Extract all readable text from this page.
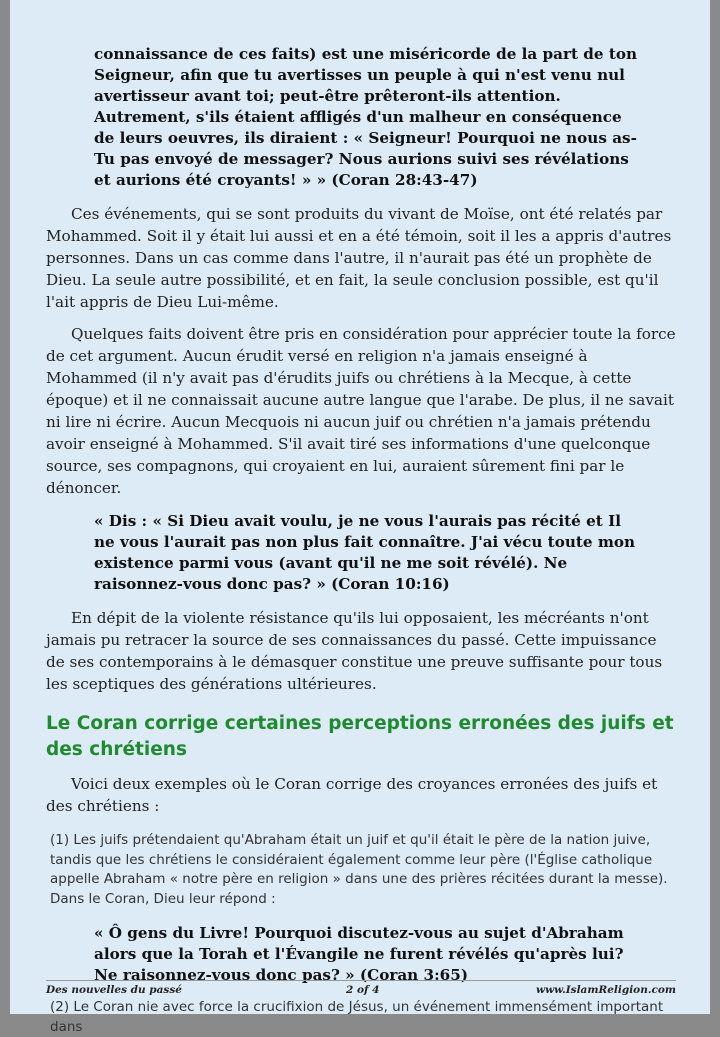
connaissance de ces faits) est une miséricorde de la part de ton Seigneur, afin que tu avertisses un peuple à qui n'est venu nul avertisseur avant toi; peut-être prêteront-ils attention. Autrement, s'ils étaient affligés d'un malheur en conséquence de leurs oeuvres, ils diraient : « Seigneur! Pourquoi ne nous as-Tu pas envoyé de messager? Nous aurions suivi ses révélations et aurions été croyants! » » (Coran 28:43-47)

Ces événements, qui se sont produits du vivant de Moïse, ont été relatés par Mohammed. Soit il y était lui aussi et en a été témoin, soit il les a appris d'autres personnes. Dans un cas comme dans l'autre, il n'aurait pas été un prophète de Dieu. La seule autre possibilité, et en fait, la seule conclusion possible, est qu'il l'ait appris de Dieu Lui-même.

Quelques faits doivent être pris en considération pour apprécier toute la force de cet argument. Aucun érudit versé en religion n'a jamais enseigné à Mohammed (il n'y avait pas d'érudits juifs ou chrétiens à la Mecque, à cette époque) et il ne connaissait aucune autre langue que l'arabe. De plus, il ne savait ni lire ni écrire. Aucun Mecquois ni aucun juif ou chrétien n'a jamais prétendu avoir enseigné à Mohammed. S'il avait tiré ses informations d'une quelconque source, ses compagnons, qui croyaient en lui, auraient sûrement fini par le dénoncer.

« Dis : « Si Dieu avait voulu, je ne vous l'aurais pas récité et Il ne vous l'aurait pas non plus fait connaître. J'ai vécu toute mon existence parmi vous (avant qu'il ne me soit révélé). Ne raisonnez-vous donc pas? » (Coran 10:16)

En dépit de la violente résistance qu'ils lui opposaient, les mécréants n'ont jamais pu retracer la source de ses connaissances du passé. Cette impuissance de ses contemporains à le démasquer constitue une preuve suffisante pour tous les sceptiques des générations ultérieures.

Le Coran corrige certaines perceptions erronées des juifs et des chrétiens

Voici deux exemples où le Coran corrige des croyances erronées des juifs et des chrétiens :

(1) Les juifs prétendaient qu'Abraham était un juif et qu'il était le père de la nation juive, tandis que les chrétiens le considéraient également comme leur père (l'Église catholique appelle Abraham « notre père en religion » dans une des prières récitées durant la messe). Dans le Coran, Dieu leur répond :

« Ô gens du Livre! Pourquoi discutez-vous au sujet d'Abraham alors que la Torah et l'Évangile ne furent révélés qu'après lui? Ne raisonnez-vous donc pas? » (Coran 3:65)

(2) Le Coran nie avec force la crucifixion de Jésus, un événement immensément important dans

Des nouvelles du passé	2 of 4	www.IslamReligion.com
